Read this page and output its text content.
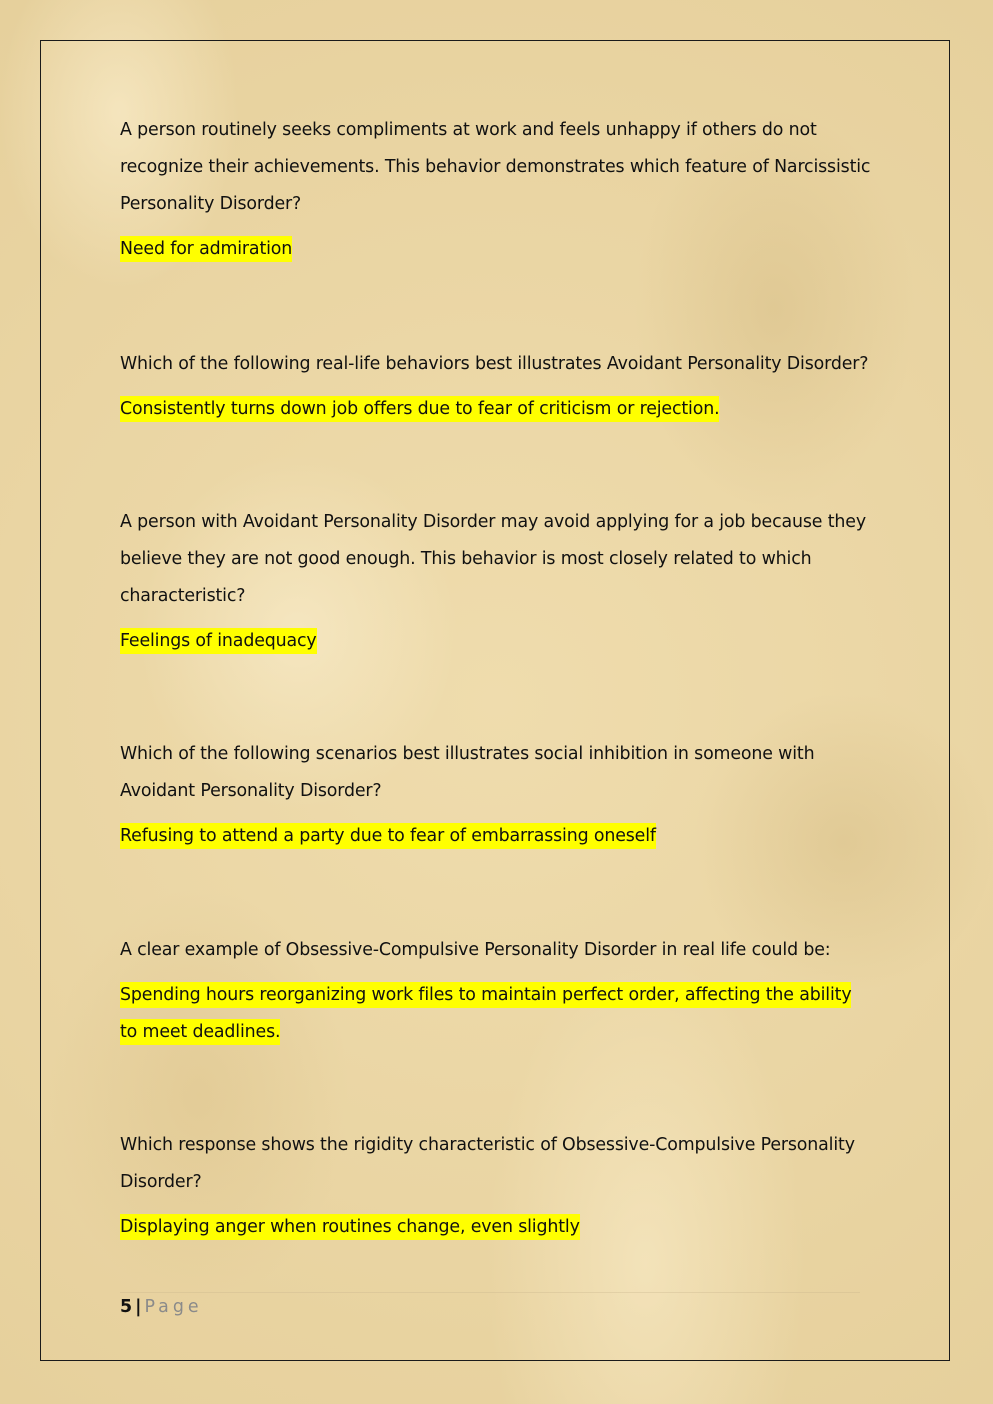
A person routinely seeks compliments at work and feels unhappy if others do not recognize their achievements. This behavior demonstrates which feature of Narcissistic Personality Disorder?

Need for admiration

Which of the following real-life behaviors best illustrates Avoidant Personality Disorder?

Consistently turns down job offers due to fear of criticism or rejection.

A person with Avoidant Personality Disorder may avoid applying for a job because they believe they are not good enough. This behavior is most closely related to which characteristic?

Feelings of inadequacy

Which of the following scenarios best illustrates social inhibition in someone with Avoidant Personality Disorder?

Refusing to attend a party due to fear of embarrassing oneself

A clear example of Obsessive-Compulsive Personality Disorder in real life could be:

Spending hours reorganizing work files to maintain perfect order, affecting the ability to meet deadlines.

Which response shows the rigidity characteristic of Obsessive-Compulsive Personality Disorder?

Displaying anger when routines change, even slightly

5 | Page
